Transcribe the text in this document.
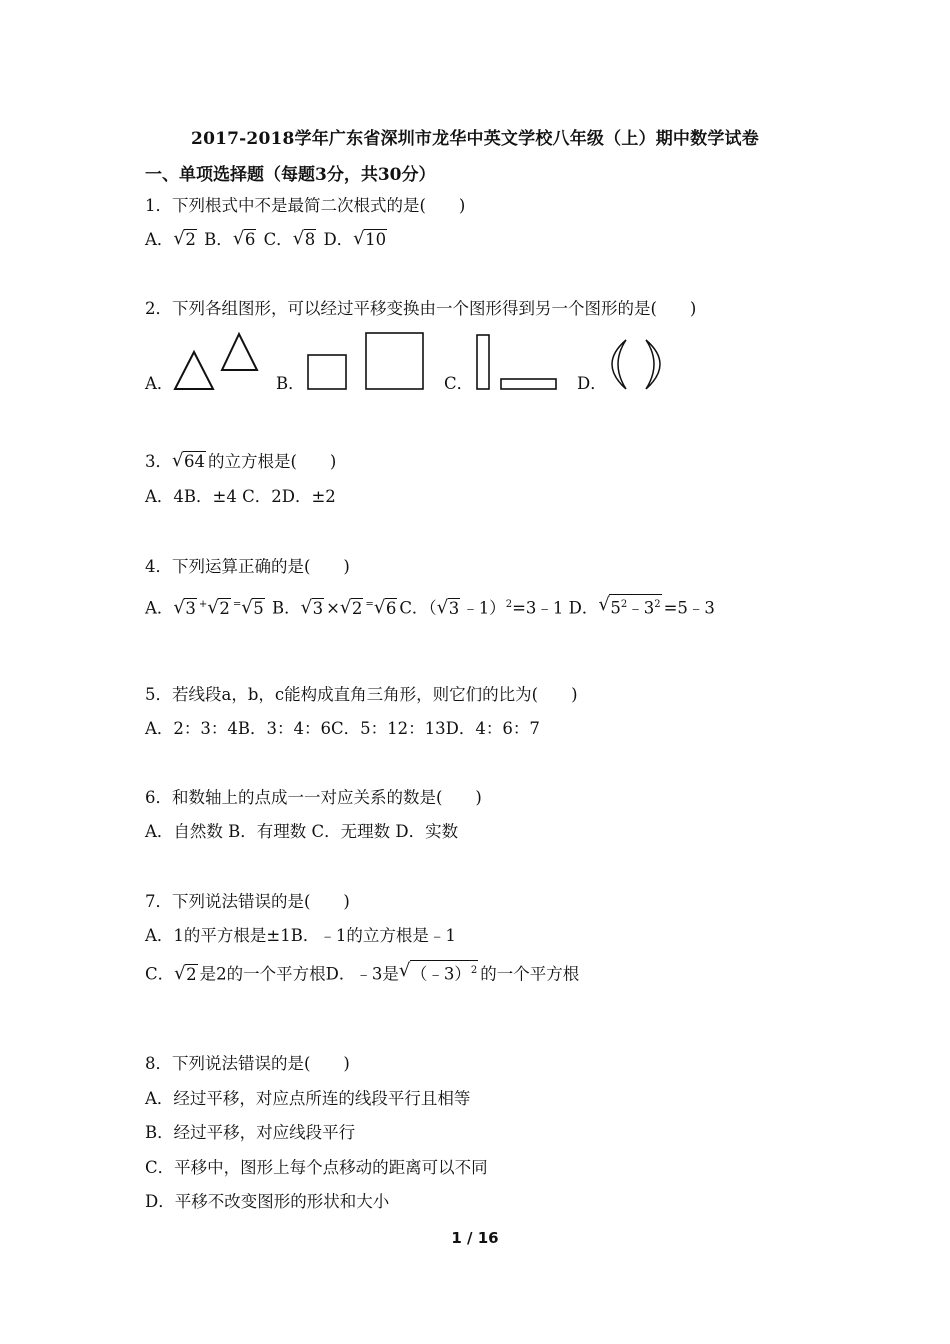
2017-2018学年广东省深圳市龙华中英文学校八年级（上）期中数学试卷
一、单项选择题（每题3分，共30分）
1．下列根式中不是最简二次根式的是(　　)
A． √ 2 B． √ 6 C． √ 8 D． √ 10
2．下列各组图形，可以经过平移变换由一个图形得到另一个图形的是(　　)
A．	B．	C．	D．
3． √ 64 的立方根是(　　)
A．4B．±4 C．2D．±2
4．下列运算正确的是(　　)
A． √ 3 + √ 2 = √ 5 B． √ 3 × √ 2 = √ 6 C．（ √ 3 ﹣1）$^2$=3﹣1 D． √ $5^2﹣3^2$ =5﹣3
5．若线段a，b，c能构成直角三角形，则它们的比为(　　)
A．2：3：4B．3：4：6C．5：12：13D．4：6：7
6．和数轴上的点成一一对应关系的数是(　　)
A．自然数 B．有理数 C．无理数 D．实数
7．下列说法错误的是(　　)
A．1的平方根是±1B．﹣1的立方根是﹣1
C． √ 2 是2的一个平方根D．﹣3是 √ （﹣3）$^2$ 的一个平方根
8．下列说法错误的是(　　)
A．经过平移，对应点所连的线段平行且相等
B．经过平移，对应线段平行
C．平移中，图形上每个点移动的距离可以不同
D．平移不改变图形的形状和大小
1 / 16
